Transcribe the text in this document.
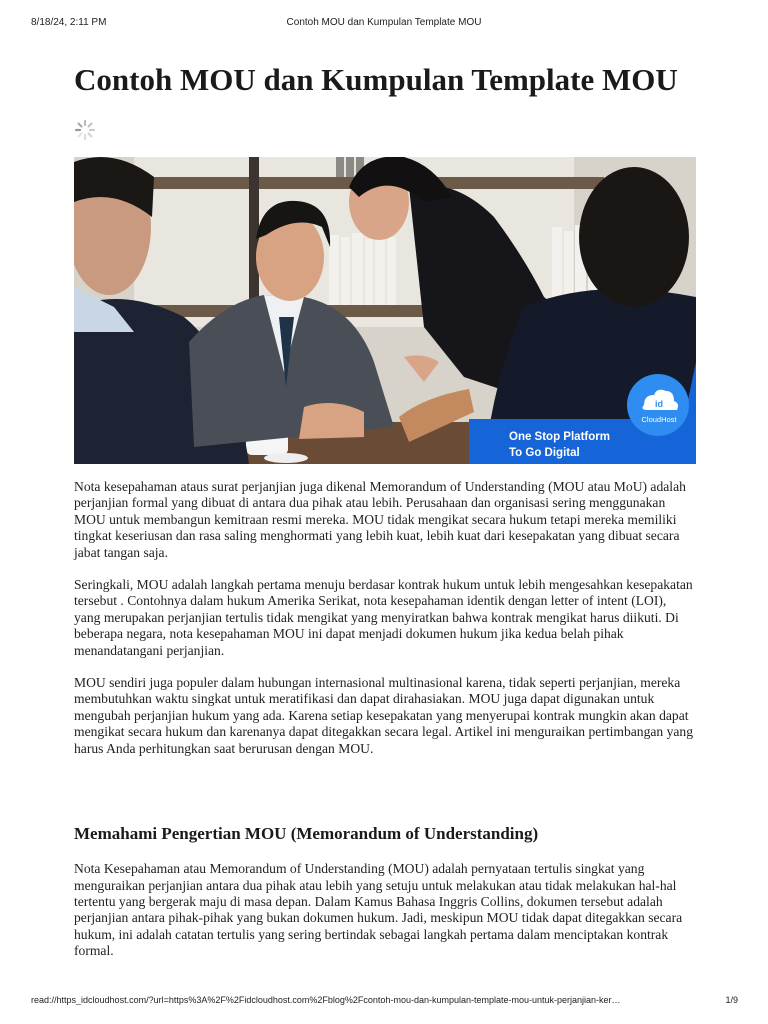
8/18/24, 2:11 PM	Contoh MOU dan Kumpulan Template MOU
Contoh MOU dan Kumpulan Template MOU
One Stop Platform
To Go Digital
id
CloudHost

Nota kesepahaman ataus surat perjanjian juga dikenal Memorandum of Understanding (MOU atau MoU) adalah perjanjian formal yang dibuat di antara dua pihak atau lebih. Perusahaan dan organisasi sering menggunakan MOU untuk membangun kemitraan resmi mereka. MOU tidak mengikat secara hukum tetapi mereka memiliki tingkat keseriusan dan rasa saling menghormati yang lebih kuat, lebih kuat dari kesepakatan yang dibuat secara jabat tangan saja.

Seringkali, MOU adalah langkah pertama menuju berdasar kontrak hukum untuk lebih mengesahkan kesepakatan tersebut . Contohnya dalam hukum Amerika Serikat, nota kesepahaman identik dengan letter of intent (LOI), yang merupakan perjanjian tertulis tidak mengikat yang menyiratkan bahwa kontrak mengikat harus diikuti. Di beberapa negara, nota kesepahaman MOU ini dapat menjadi dokumen hukum jika kedua belah pihak menandatangani perjanjian.

MOU sendiri juga populer dalam hubungan internasional multinasional karena, tidak seperti perjanjian, mereka membutuhkan waktu singkat untuk meratifikasi dan dapat dirahasiakan. MOU juga dapat digunakan untuk mengubah perjanjian hukum yang ada. Karena setiap kesepakatan yang menyerupai kontrak mungkin akan dapat mengikat secara hukum dan karenanya dapat ditegakkan secara legal. Artikel ini menguraikan pertimbangan yang harus Anda perhitungkan saat berurusan dengan MOU.

Memahami Pengertian MOU (Memorandum of Understanding)

Nota Kesepahaman atau Memorandum of Understanding (MOU) adalah pernyataan tertulis singkat yang menguraikan perjanjian antara dua pihak atau lebih yang setuju untuk melakukan atau tidak melakukan hal-hal tertentu yang bergerak maju di masa depan. Dalam Kamus Bahasa Inggris Collins, dokumen tersebut adalah perjanjian antara pihak-pihak yang bukan dokumen hukum. Jadi, meskipun MOU tidak dapat ditegakkan secara hukum, ini adalah catatan tertulis yang sering bertindak sebagai langkah pertama dalam menciptakan kontrak formal.

read://https_idcloudhost.com/?url=https%3A%2F%2Fidcloudhost.com%2Fblog%2Fcontoh-mou-dan-kumpulan-template-mou-untuk-perjanjian-ker…	1/9
